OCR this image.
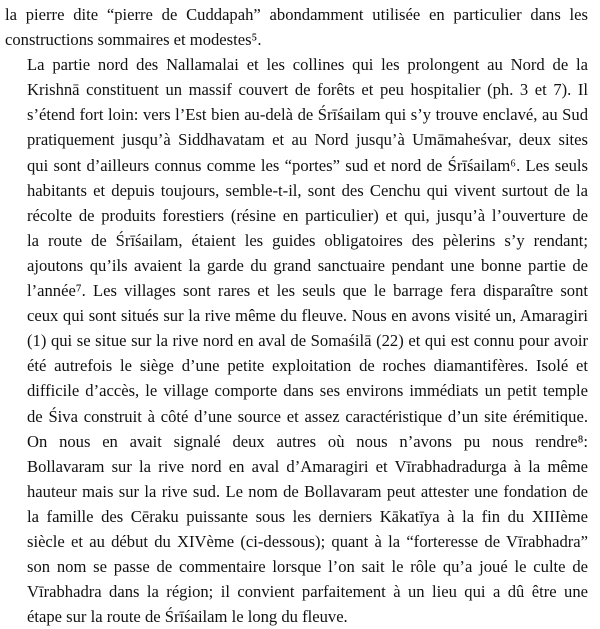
la pierre dite “pierre de Cuddapah” abondamment utilisée en particulier dans les
constructions sommaires et modestes⁵.

La partie nord des Nallamalai et les collines qui les prolongent au Nord de la
Krishnā constituent un massif couvert de forêts et peu hospitalier (ph. 3 et 7). Il
s’étend fort loin: vers l’Est bien au-delà de Śrīśailam qui s’y trouve enclavé, au Sud
pratiquement jusqu’à Siddhavatam et au Nord jusqu’à Umāmaheśvar, deux sites
qui sont d’ailleurs connus comme les “portes” sud et nord de Śrīśailam⁶. Les seuls
habitants et depuis toujours, semble-t-il, sont des Cenchu qui vivent surtout de la
récolte de produits forestiers (résine en particulier) et qui, jusqu’à l’ouverture de
la route de Śrīśailam, étaient les guides obligatoires des pèlerins s’y rendant;
ajoutons qu’ils avaient la garde du grand sanctuaire pendant une bonne partie de
l’année⁷. Les villages sont rares et les seuls que le barrage fera disparaître sont
ceux qui sont situés sur la rive même du fleuve. Nous en avons visité un, Amaragiri
(1) qui se situe sur la rive nord en aval de Somaśilā (22) et qui est connu pour avoir
été autrefois le siège d’une petite exploitation de roches diamantifères. Isolé et
difficile d’accès, le village comporte dans ses environs immédiats un petit temple
de Śiva construit à côté d’une source et assez caractéristique d’un site érémitique.
On nous en avait signalé deux autres où nous n’avons pu nous rendre⁸:
Bollavaram sur la rive nord en aval d’Amaragiri et Vīrabhadradurga à la même
hauteur mais sur la rive sud. Le nom de Bollavaram peut attester une fondation de
la famille des Cēraku puissante sous les derniers Kākatīya à la fin du XIIIème
siècle et au début du XIVème (ci-dessous); quant à la “forteresse de Vīrabhadra”
son nom se passe de commentaire lorsque l’on sait le rôle qu’a joué le culte de
Vīrabhadra dans la région; il convient parfaitement à un lieu qui a dû être une
étape sur la route de Śrīśailam le long du fleuve.
